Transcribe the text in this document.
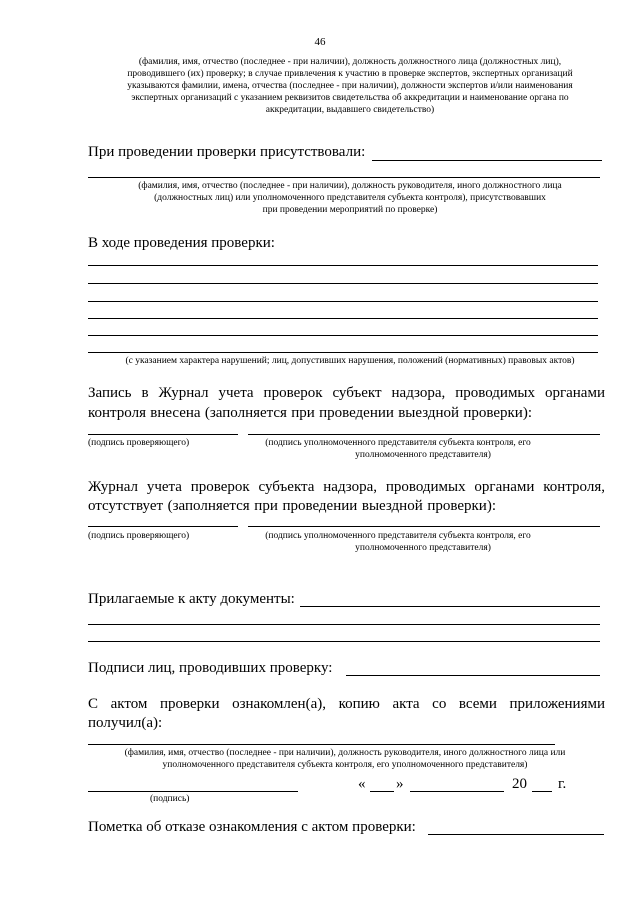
46
(фамилия, имя, отчество (последнее - при наличии), должность должностного лица (должностных лиц),
проводившего (их) проверку; в случае привлечения к участию в проверке экспертов, экспертных организаций
указываются фамилии, имена, отчества (последнее - при наличии), должности экспертов и/или наименования
экспертных организаций с указанием реквизитов свидетельства об аккредитации и наименование органа по
аккредитации, выдавшего свидетельство)
При проведении проверки присутствовали:
(фамилия, имя, отчество (последнее - при наличии), должность руководителя, иного должностного лица
(должностных лиц) или уполномоченного представителя субъекта контроля), присутствовавших
при проведении мероприятий по проверке)
В ходе проведения проверки:
(с указанием характера нарушений; лиц, допустивших нарушения, положений (нормативных) правовых актов)
Запись в Журнал учета проверок субъект надзора, проводимых органами
контроля внесена (заполняется при проведении выездной проверки):
(подпись проверяющего)	(подпись уполномоченного представителя субъекта контроля, его
уполномоченного представителя)
Журнал учета проверок субъекта надзора, проводимых органами контроля,
отсутствует (заполняется при проведении выездной проверки):
(подпись проверяющего)	(подпись уполномоченного представителя субъекта контроля, его
уполномоченного представителя)
Прилагаемые к акту документы:
Подписи лиц, проводивших проверку:
С актом проверки ознакомлен(а), копию акта со всеми приложениями
получил(а):
(фамилия, имя, отчество (последнее - при наличии), должность руководителя, иного должностного лица или
уполномоченного представителя субъекта контроля, его уполномоченного представителя)
(подпись)
« »	20 г.
Пометка об отказе ознакомления с актом проверки:
